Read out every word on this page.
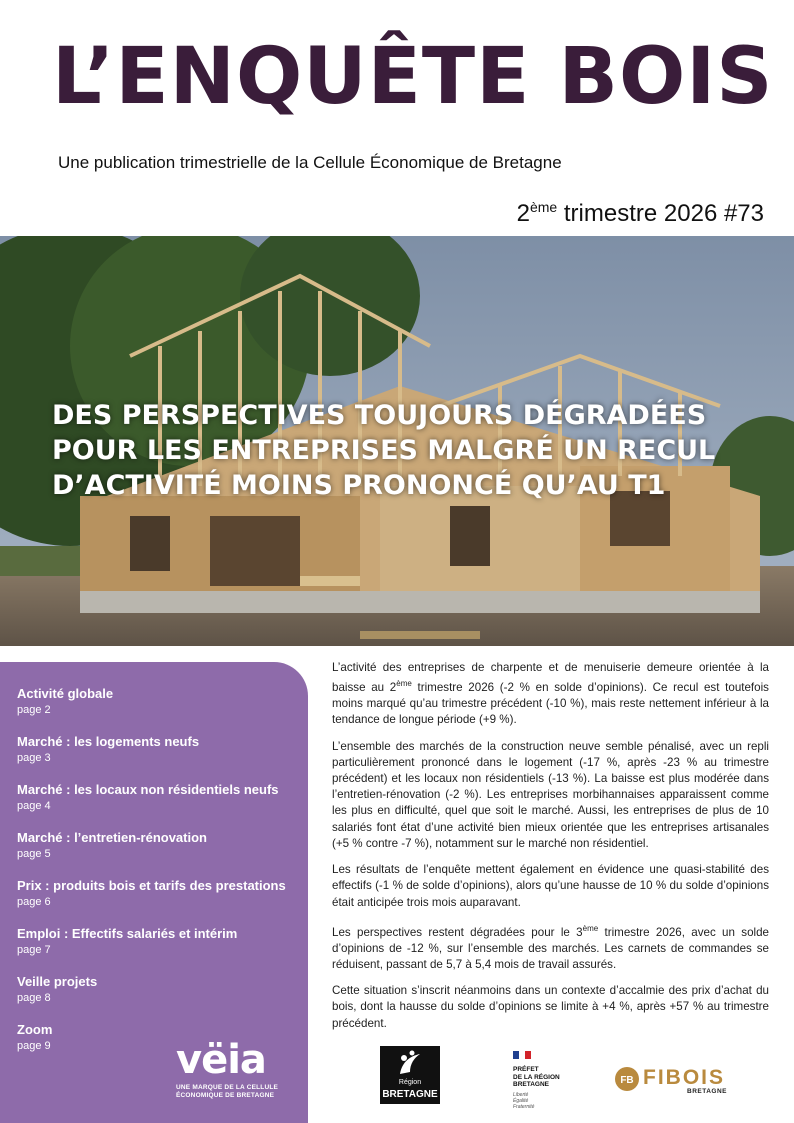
L’ENQUÊTE BOIS
Une publication trimestrielle de la Cellule Économique de Bretagne
2ème trimestre 2026 #73
DES PERSPECTIVES TOUJOURS DÉGRADÉES
POUR LES ENTREPRISES MALGRÉ UN RECUL
D’ACTIVITÉ MOINS PRONONCÉ QU’AU T1
Activité globale
page 2
Marché : les logements neufs
page 3
Marché : les locaux non résidentiels neufs
page 4
Marché : l’entretien-rénovation
page 5
Prix : produits bois et tarifs des prestations
page 6
Emploi : Effectifs salariés et intérim
page 7
Veille projets
page 8
Zoom
page 9	vëia
UNE MARQUE DE LA CELLULE
ÉCONOMIQUE DE BRETAGNE

L’activité des entreprises de charpente et de menuiserie demeure orientée à la baisse au 2ème trimestre 2026 (-2 % en solde d’opinions). Ce recul est toutefois moins marqué qu’au trimestre précédent (-10 %), mais reste nettement inférieur à la tendance de longue période (+9 %).

L’ensemble des marchés de la construction neuve semble pénalisé, avec un repli particulièrement prononcé dans le logement (-17 %, après -23 % au trimestre précédent) et les locaux non résidentiels (-13 %). La baisse est plus modérée dans l’entretien-rénovation (-2 %). Les entreprises morbihannaises apparaissent comme les plus en difficulté, quel que soit le marché. Aussi, les entreprises de plus de 10 salariés font état d’une activité bien mieux orientée que les entreprises artisanales (+5 % contre -7 %), notamment sur le marché non résidentiel.

Les résultats de l’enquête mettent également en évidence une quasi-stabilité des effectifs (-1 % de solde d’opinions), alors qu’une hausse de 10 % du solde d’opinions était anticipée trois mois auparavant.

Les perspectives restent dégradées pour le 3ème trimestre 2026, avec un solde d’opinions de -12 %, sur l’ensemble des marchés. Les carnets de commandes se réduisent, passant de 5,7 à 5,4 mois de travail assurés.

Cette situation s’inscrit néanmoins dans un contexte d’accalmie des prix d’achat du bois, dont la hausse du solde d’opinions se limite à +4 %, après +57 % au trimestre précédent.

Région
BRETAGNE
PRÉFET
DE LA RÉGION
BRETAGNE
Liberté
Égalité
Fraternité
FB FIBOIS
BRETAGNE
